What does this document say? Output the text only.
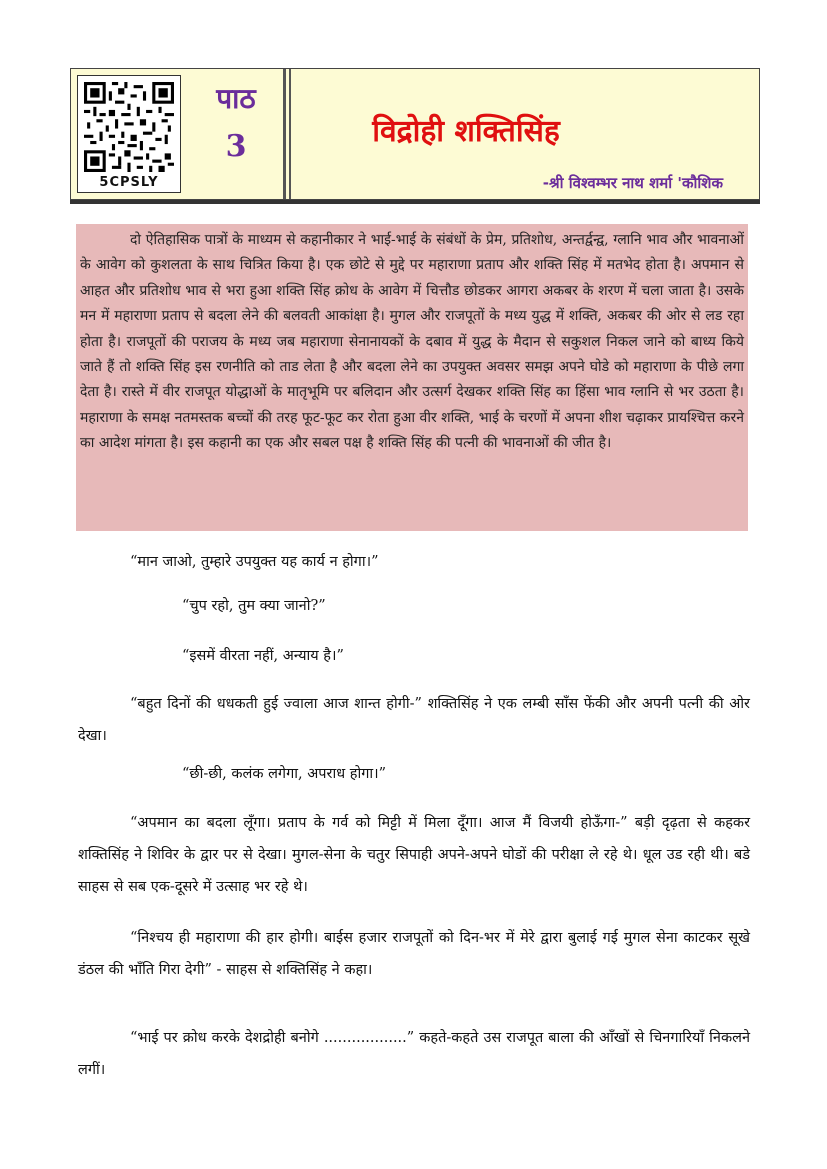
5CPSLY
पाठ
3	विद्रोही शक्तिसिंह
-श्री विश्वम्भर नाथ शर्मा 'कौशिक
दो ऐतिहासिक पात्रों के माध्यम से कहानीकार ने भाई-भाई के संबंधों के प्रेम, प्रतिशोध, अन्तर्द्वन्द्व, ग्लानि भाव और भावनाओं के आवेग को कुशलता के साथ चित्रित किया है। एक छोटे से मुद्दे पर महाराणा प्रताप और शक्ति सिंह में मतभेद होता है। अपमान से आहत और प्रतिशोध भाव से भरा हुआ शक्ति सिंह क्रोध के आवेग में चित्तौड छोडकर आगरा अकबर के शरण में चला जाता है। उसके मन में महाराणा प्रताप से बदला लेने की बलवती आकांक्षा है। मुगल और राजपूतों के मध्य युद्ध में शक्ति, अकबर की ओर से लड रहा होता है। राजपूतों की पराजय के मध्य जब महाराणा सेनानायकों के दबाव में युद्ध के मैदान से सकुशल निकल जाने को बाध्य किये जाते हैं तो शक्ति सिंह इस रणनीति को ताड लेता है और बदला लेने का उपयुक्त अवसर समझ अपने घोडे को महाराणा के पीछे लगा देता है। रास्ते में वीर राजपूत योद्धाओं के मातृभूमि पर बलिदान और उत्सर्ग देखकर शक्ति सिंह का हिंसा भाव ग्लानि से भर उठता है। महाराणा के समक्ष नतमस्तक बच्चों की तरह फूट-फूट कर रोता हुआ वीर शक्ति, भाई के चरणों में अपना शीश चढ़ाकर प्रायश्चित्त करने का आदेश मांगता है। इस कहानी का एक और सबल पक्ष है शक्ति सिंह की पत्नी की भावनाओं की जीत है।
“मान जाओ, तुम्हारे उपयुक्त यह कार्य न होगा।”
“चुप रहो, तुम क्या जानो?”
“इसमें वीरता नहीं, अन्याय है।”
“बहुत दिनों की धधकती हुई ज्वाला आज शान्त होगी-” शक्तिसिंह ने एक लम्बी साँस फेंकी और अपनी पत्नी की ओर देखा।
“छी-छी, कलंक लगेगा, अपराध होगा।”
“अपमान का बदला लूँगा। प्रताप के गर्व को मिट्टी में मिला दूँगा। आज मैं विजयी होऊँगा-” बड़ी दृढ़ता से कहकर शक्तिसिंह ने शिविर के द्वार पर से देखा। मुगल-सेना के चतुर सिपाही अपने-अपने घोडों की परीक्षा ले रहे थे। धूल उड रही थी। बडे साहस से सब एक-दूसरे में उत्साह भर रहे थे।
“निश्चय ही महाराणा की हार होगी। बाईस हजार राजपूतों को दिन-भर में मेरे द्वारा बुलाई गई मुगल सेना काटकर सूखे डंठल की भाँति गिरा देगी” - साहस से शक्तिसिंह ने कहा।
“भाई पर क्रोध करके देशद्रोही बनोगे ..................” कहते-कहते उस राजपूत बाला की आँखों से चिनगारियाँ निकलने लगीं।
